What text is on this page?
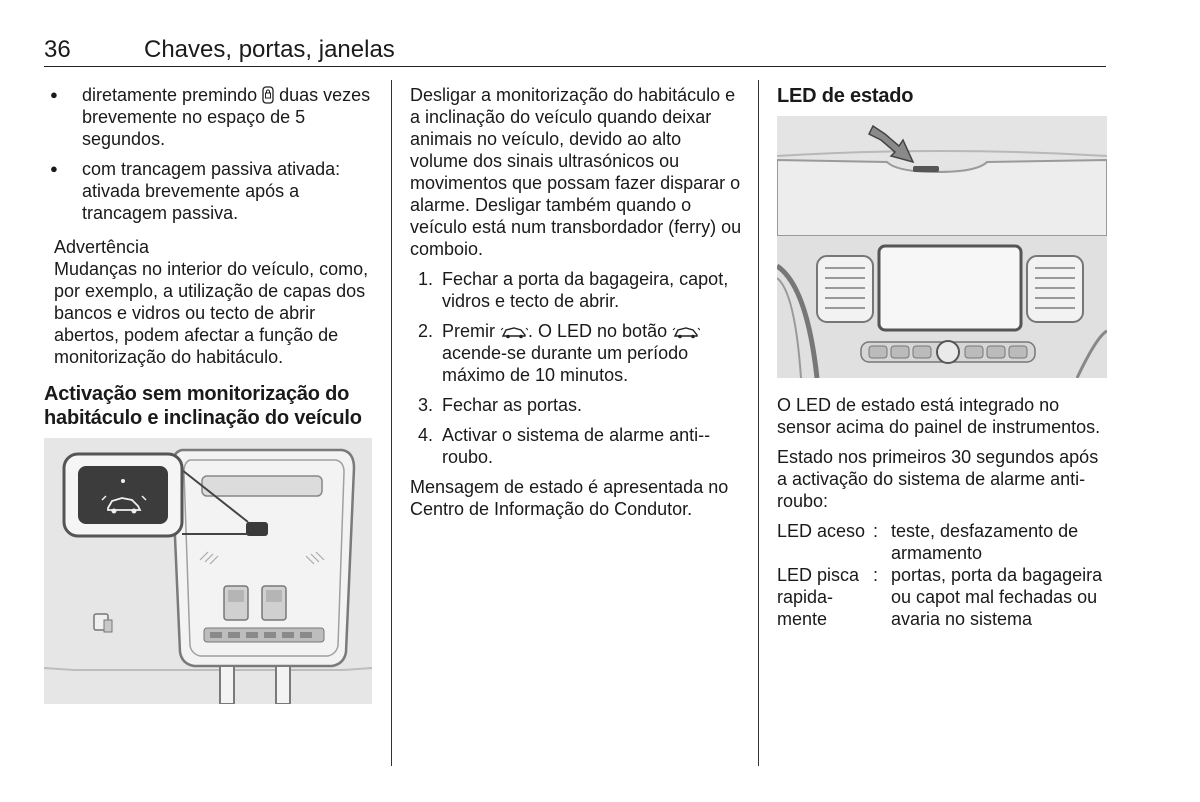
36	Chaves, portas, janelas
● diretamente premindo  duas vezes brevemente no espaço de 5 segundos.
● com trancagem passiva ativada: ativada brevemente após a trancagem passiva.
Advertência
Mudanças no interior do veículo, como, por exemplo, a utilização de capas dos bancos e vidros ou tecto de abrir abertos, podem afectar a função de monitorização do habitáculo.
Activação sem monitorização do habitáculo e inclinação do veículo

Desligar a monitorização do habitáculo e a inclinação do veículo quando deixar animais no veículo, devido ao alto volume dos sinais ultrasónicos ou movimentos que possam fazer disparar o alarme. Desligar também quando o veículo está num transbordador (ferry) ou comboio.

1. Fechar a porta da bagageira, capot, vidros e tecto de abrir.
2. Premir . O LED no botão  acende-se durante um período máximo de 10 minutos.
3. Fechar as portas.
4. Activar o sistema de alarme anti--roubo.

Mensagem de estado é apresentada no Centro de Informação do Condutor.

LED de estado

O LED de estado está integrado no sensor acima do painel de instrumentos.

Estado nos primeiros 30 segundos após a activação do sistema de alarme anti-roubo:

LED aceso	:	teste, desfazamento de armamento
LED pisca rapida-mente	:	portas, porta da bagageira ou capot mal fechadas ou avaria no sistema
